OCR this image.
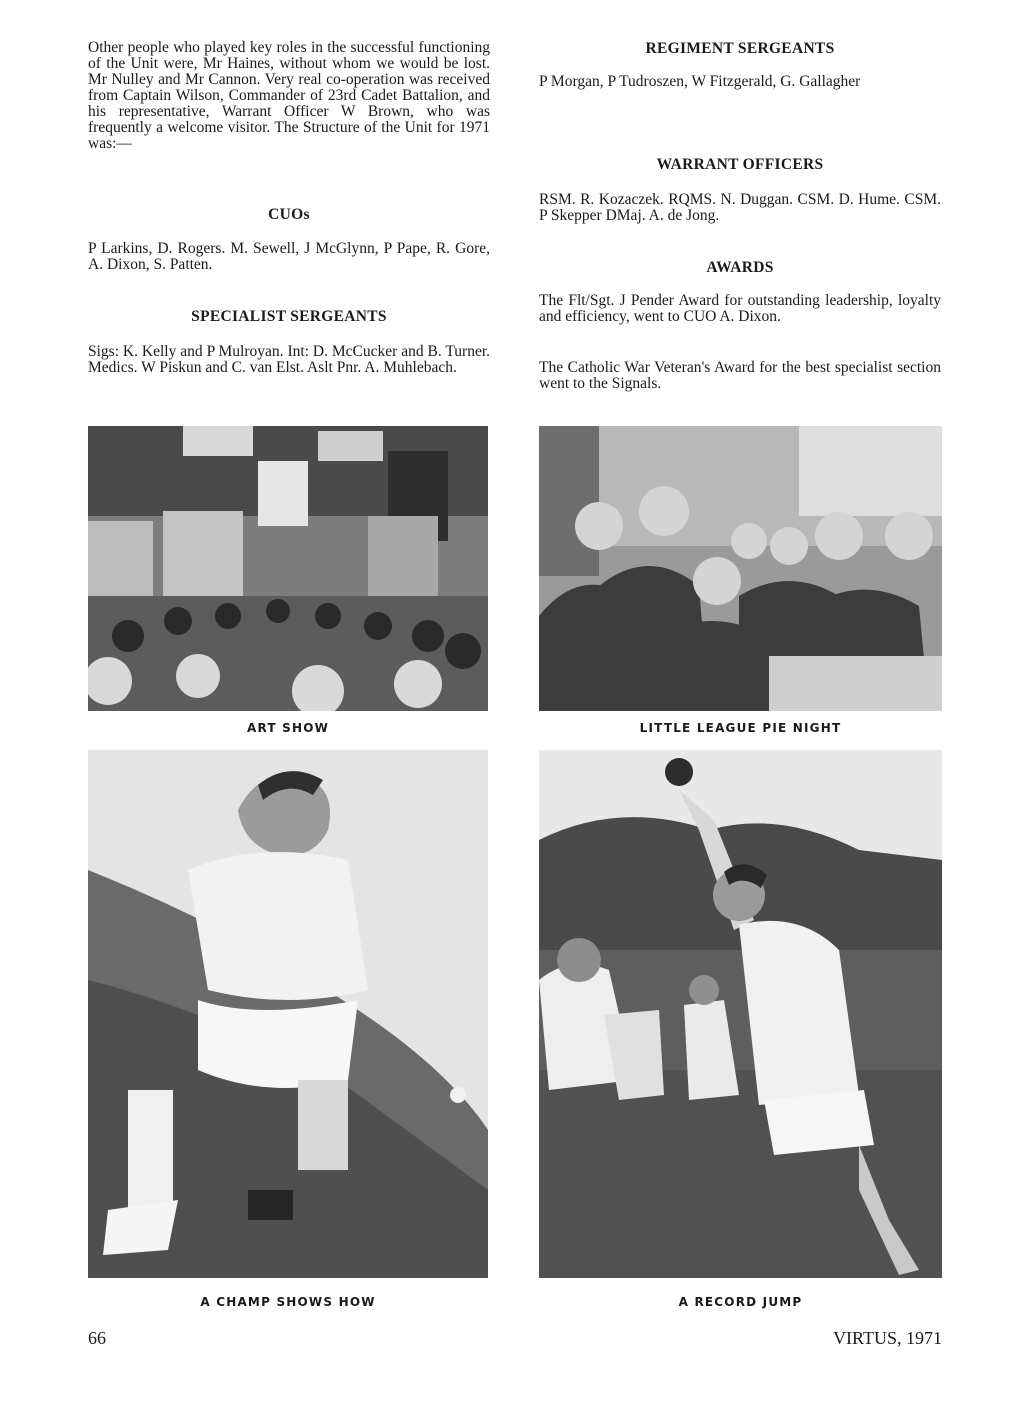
Other people who played key roles in the successful functioning of the Unit were, Mr Haines, without whom we would be lost. Mr Nulley and Mr Cannon. Very real co-operation was received from Captain Wilson, Commander of 23rd Cadet Battalion, and his representative, Warrant Officer W Brown, who was frequently a welcome visitor. The Structure of the Unit for 1971 was:—

CUOs

P Larkins, D. Rogers. M. Sewell, J McGlynn, P Pape, R. Gore, A. Dixon, S. Patten.

SPECIALIST SERGEANTS

Sigs: K. Kelly and P Mulroyan. Int: D. McCucker and B. Turner. Medics. W Piskun and C. van Elst. Aslt Pnr. A. Muhlebach.

REGIMENT SERGEANTS

P Morgan, P Tudroszen, W Fitzgerald, G. Gallagher

WARRANT OFFICERS

RSM. R. Kozaczek. RQMS. N. Duggan. CSM. D. Hume. CSM. P Skepper DMaj. A. de Jong.

AWARDS

The Flt/Sgt. J Pender Award for outstanding leadership, loyalty and efficiency, went to CUO A. Dixon.

The Catholic War Veteran's Award for the best specialist section went to the Signals.

ART SHOW	LITTLE LEAGUE PIE NIGHT
A CHAMP SHOWS HOW	A RECORD JUMP
66	VIRTUS, 1971
